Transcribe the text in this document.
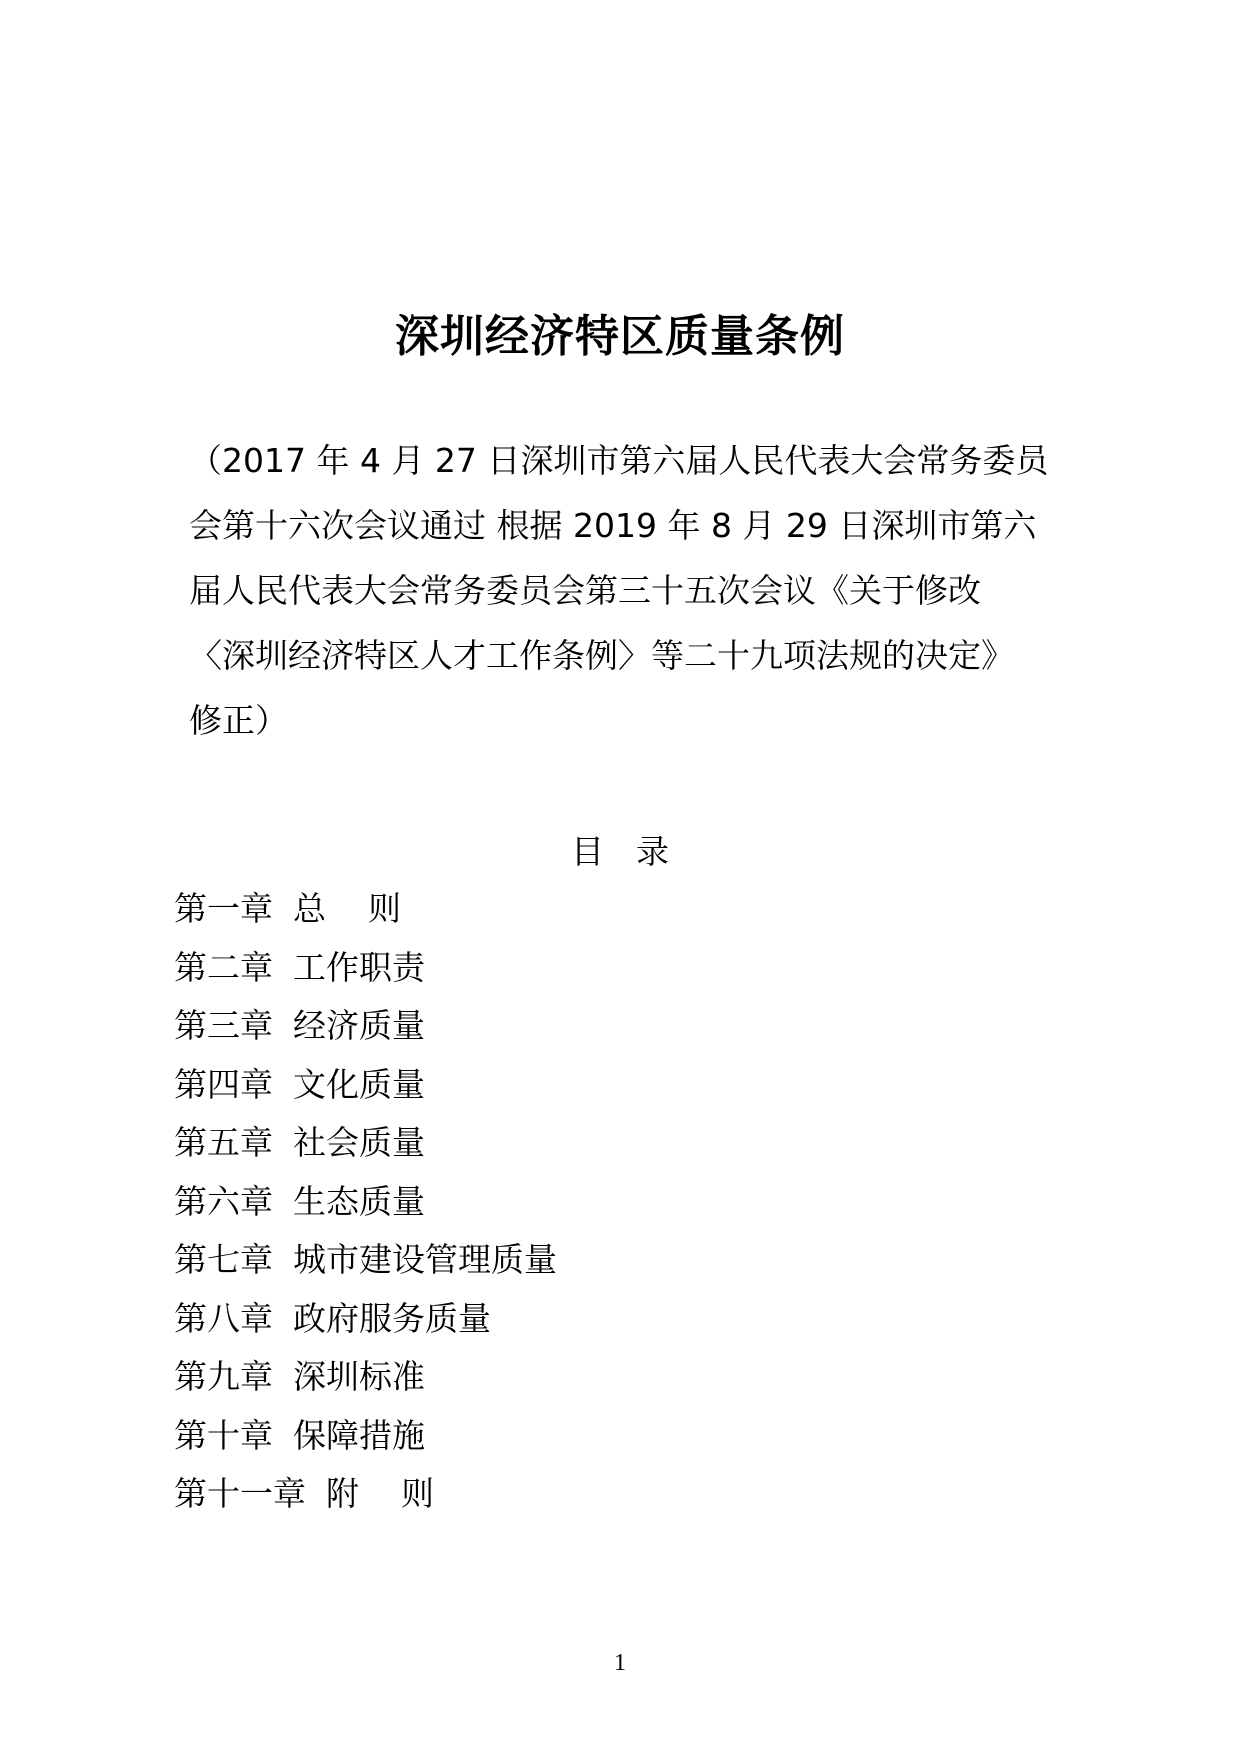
深圳经济特区质量条例
（2017 年 4 月 27 日深圳市第六届人民代表大会常务委员
会第十六次会议通过 根据 2019 年 8 月 29 日深圳市第六
届人民代表大会常务委员会第三十五次会议《关于修改
〈深圳经济特区人才工作条例〉等二十九项法规的决定》
修正）
目录
第一章 总    则
第二章 工作职责
第三章 经济质量
第四章 文化质量
第五章 社会质量
第六章 生态质量
第七章 城市建设管理质量
第八章 政府服务质量
第九章 深圳标准
第十章 保障措施
第十一章 附    则
1
